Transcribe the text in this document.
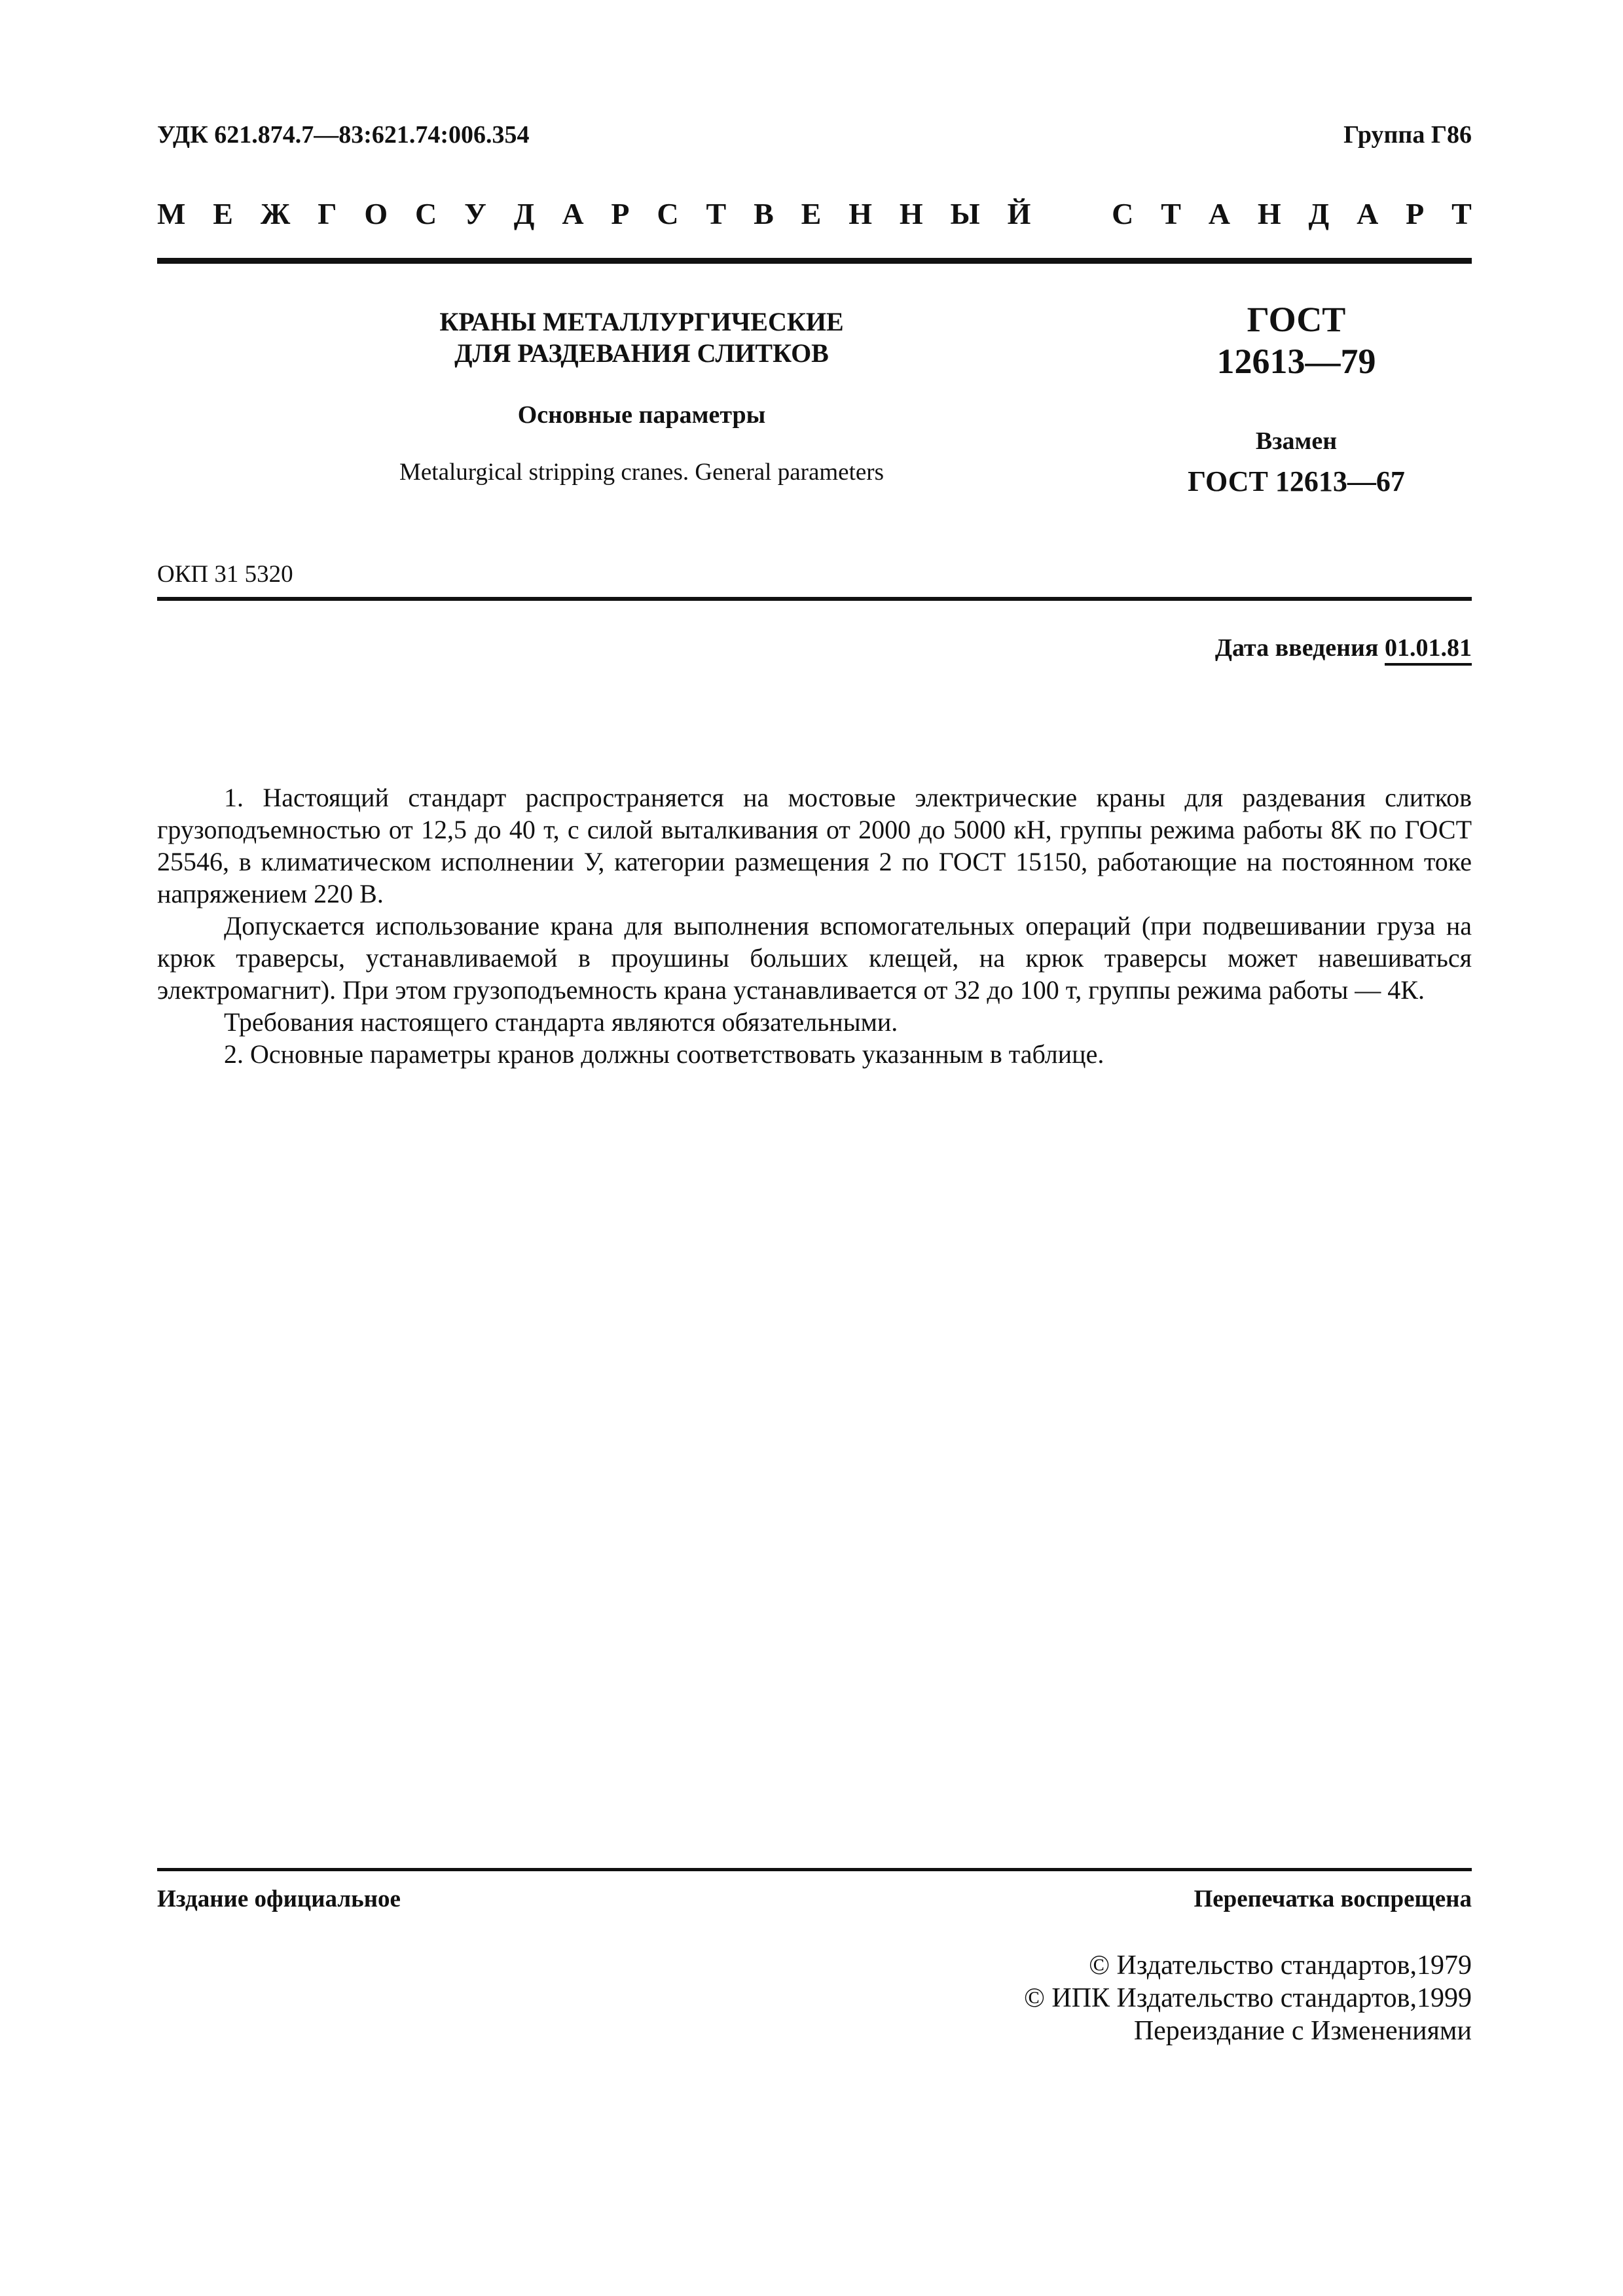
УДК 621.874.7—83:621.74:006.354	Группа Г86
М Е Ж Г О С У Д А Р С Т В Е Н Н Ы Й	С Т А Н Д А Р Т
КРАНЫ МЕТАЛЛУРГИЧЕСКИЕ
ДЛЯ РАЗДЕВАНИЯ СЛИТКОВ
Основные параметры
Metalurgical stripping cranes. General parameters
ГОСТ
12613—79
Взамен
ГОСТ 12613—67
ОКП 31 5320
Дата введения 01.01.81

1. Настоящий стандарт распространяется на мостовые электрические краны для раздевания слитков грузоподъемностью от 12,5 до 40 т, с силой выталкивания от 2000 до 5000 кН, группы режима работы 8К по ГОСТ 25546, в климатическом исполнении У, категории размещения 2 по ГОСТ 15150, работающие на постоянном токе напряжением 220 В.

Допускается использование крана для выполнения вспомогательных операций (при подвешивании груза на крюк траверсы, устанавливаемой в проушины больших клещей, на крюк траверсы может навешиваться электромагнит). При этом грузоподъемность крана устанавливается от 32 до 100 т, группы режима работы — 4К.

Требования настоящего стандарта являются обязательными.

2. Основные параметры кранов должны соответствовать указанным в таблице.

Издание официальное	Перепечатка воспрещена
© Издательство стандартов,1979
© ИПК Издательство стандартов,1999
Переиздание с Изменениями
